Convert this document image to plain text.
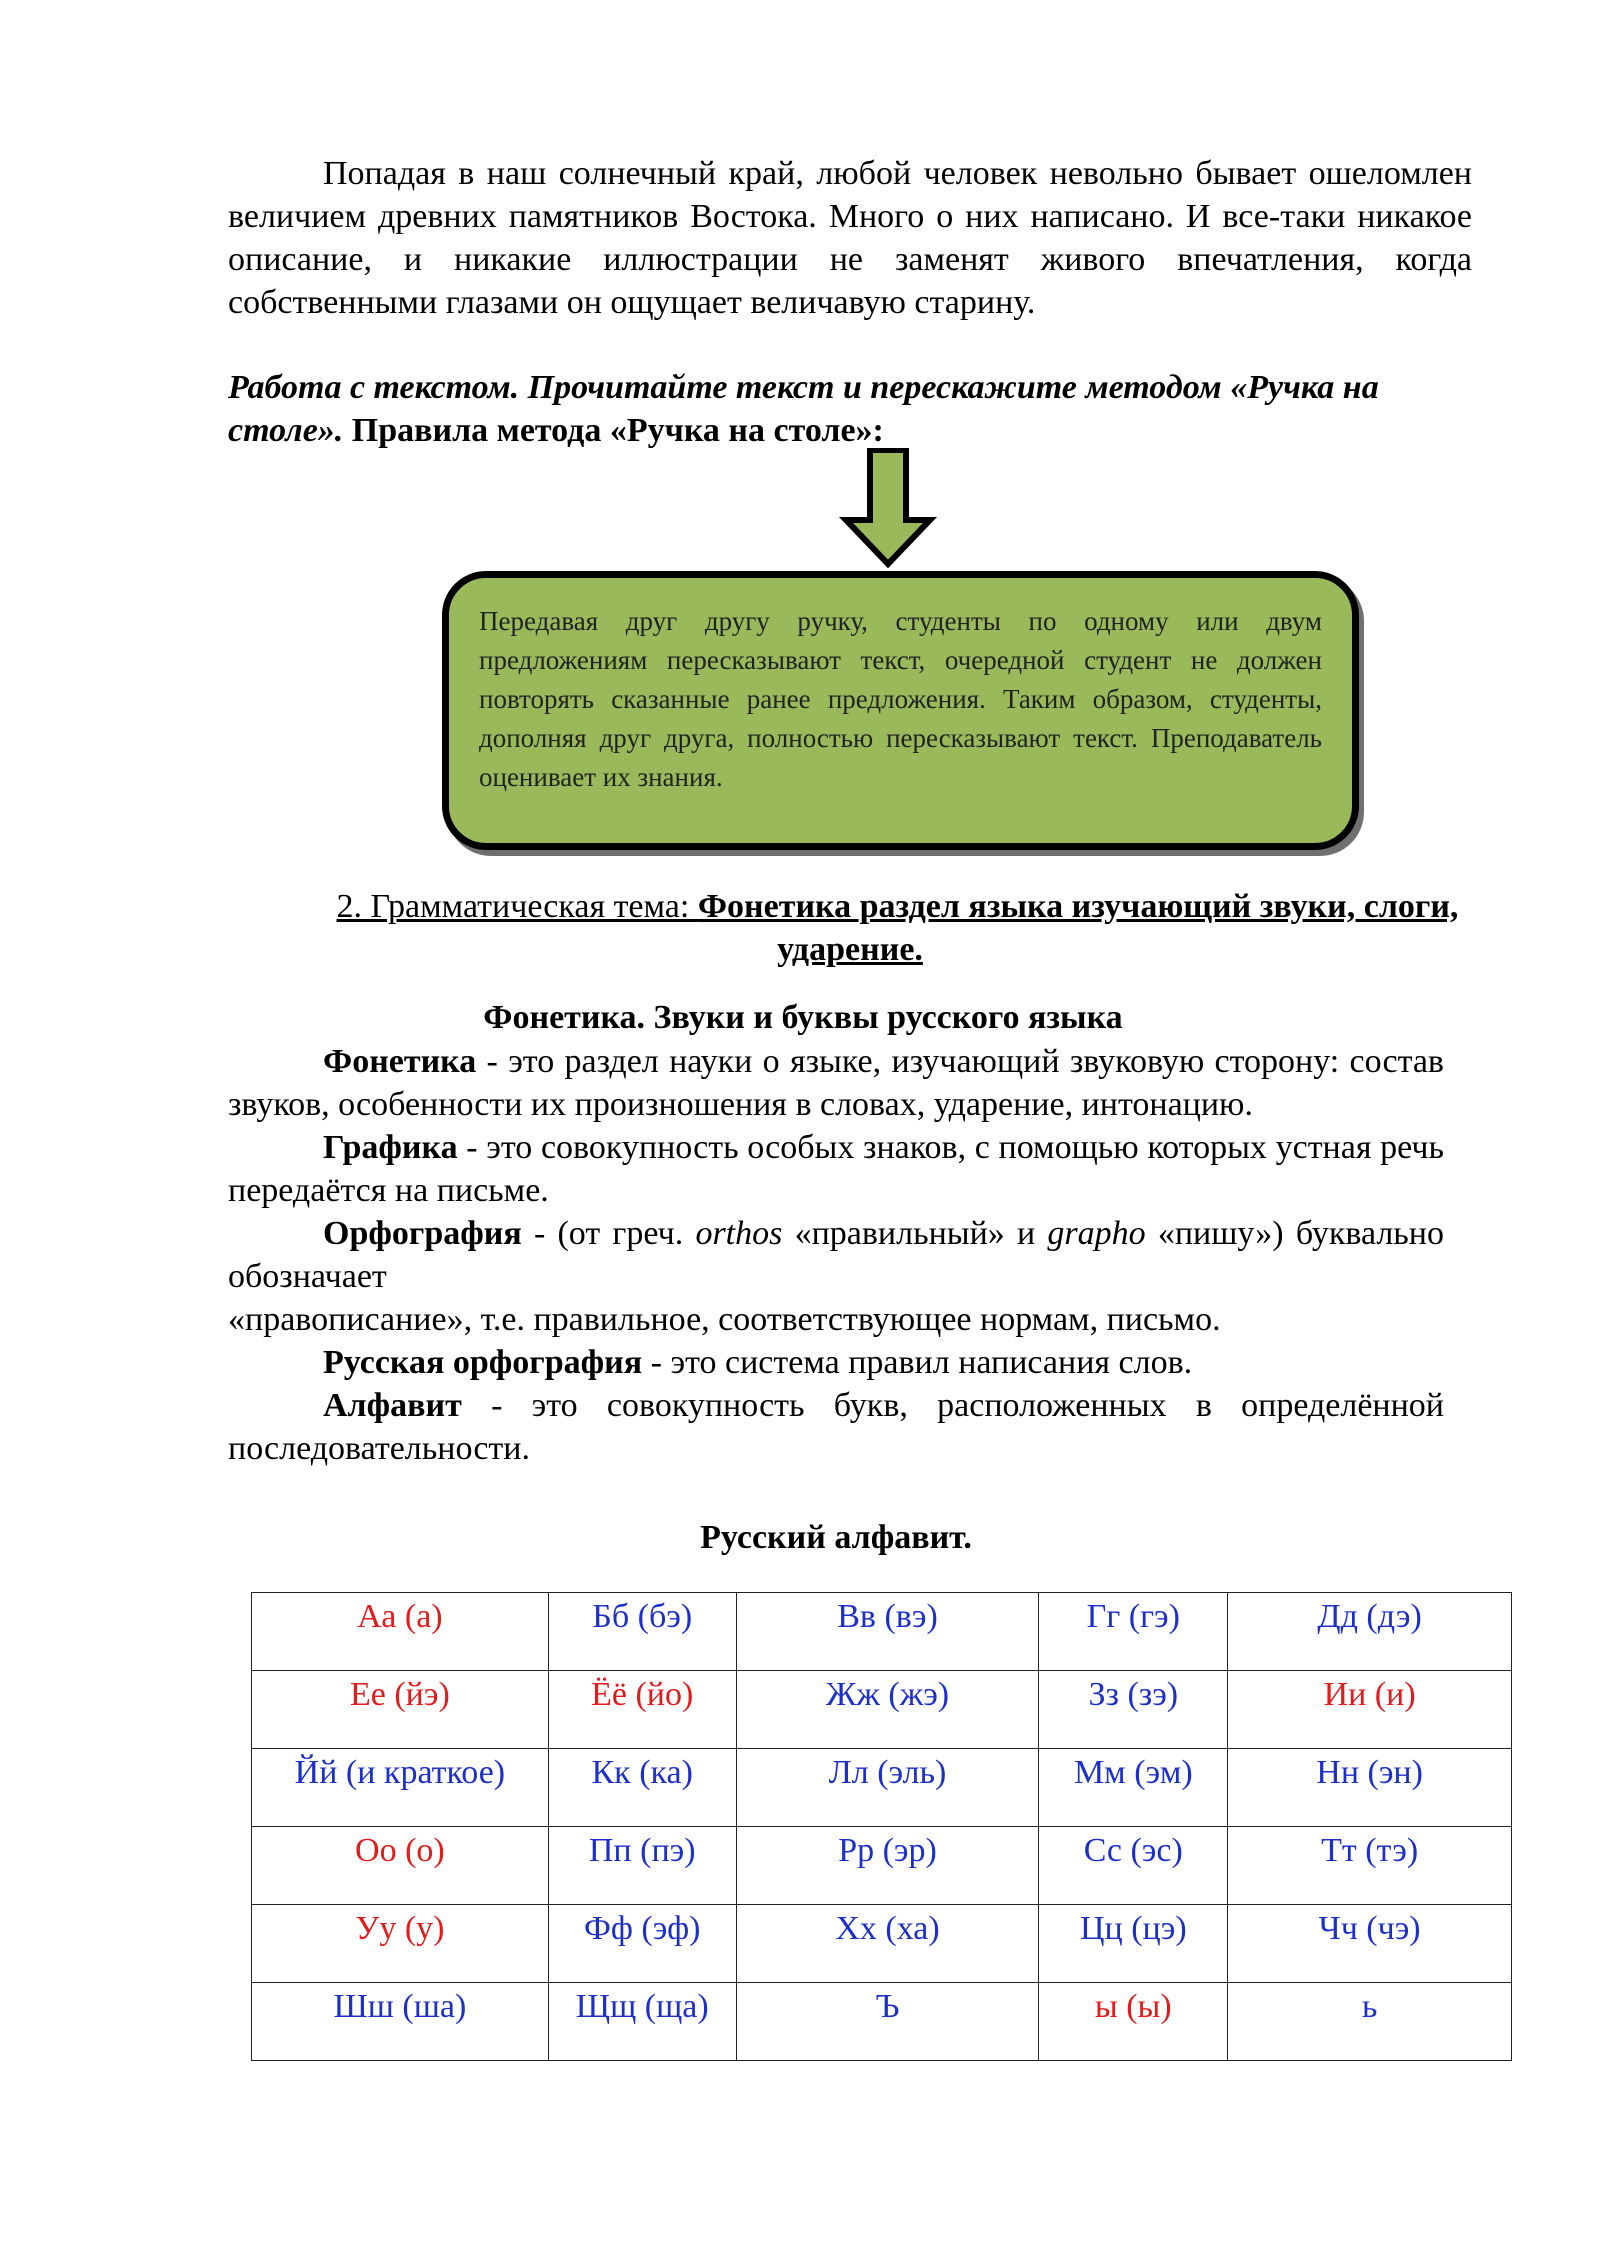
Попадая в наш солнечный край, любой человек невольно бывает ошеломлен величием древних памятников Востока. Много о них написано. И все-таки никакое описание, и никакие иллюстрации не заменят живого впечатления, когда собственными глазами он ощущает величавую старину.

Работа с текстом. Прочитайте текст и перескажите методом «Ручка на столе». Правила метода «Ручка на столе»:

Передавая друг другу ручку, студенты по одному или двум предложениям пересказывают текст, очередной студент не должен повторять сказанные ранее предложения. Таким образом, студенты, дополняя друг друга, полностью пересказывают текст. Преподаватель оценивает их знания.

2. Грамматическая тема: Фонетика раздел языка изучающий звуки, слоги, ударение.

Фонетика. Звуки и буквы русского языка

Фонетика - это раздел науки о языке, изучающий звуковую сторону: состав звуков, особенности их произношения в словах, ударение, интонацию.

Графика - это совокупность особых знаков, с помощью которых устная речь передаётся на письме.

Орфография - (от греч. orthos «правильный» и grapho «пишу») буквально обозначает

«правописание», т.е. правильное, соответствующее нормам, письмо.

Русская орфография - это система правил написания слов.

Алфавит - это совокупность букв, расположенных в определённой последовательности.

Русский алфавит.

Аа (а)	Бб (бэ)	Вв (вэ)	Гг (гэ)	Дд (дэ)
Ее (йэ)	Ёё (йо)	Жж (жэ)	Зз (зэ)	Ии (и)
Йй (и краткое)	Кк (ка)	Лл (эль)	Мм (эм)	Нн (эн)
Оо (о)	Пп (пэ)	Рр (эр)	Сс (эс)	Тт (тэ)
Уу (у)	Фф (эф)	Хх (ха)	Цц (цэ)	Чч (чэ)
Шш (ша)	Щщ (ща)	Ъ	ы (ы)	ь
